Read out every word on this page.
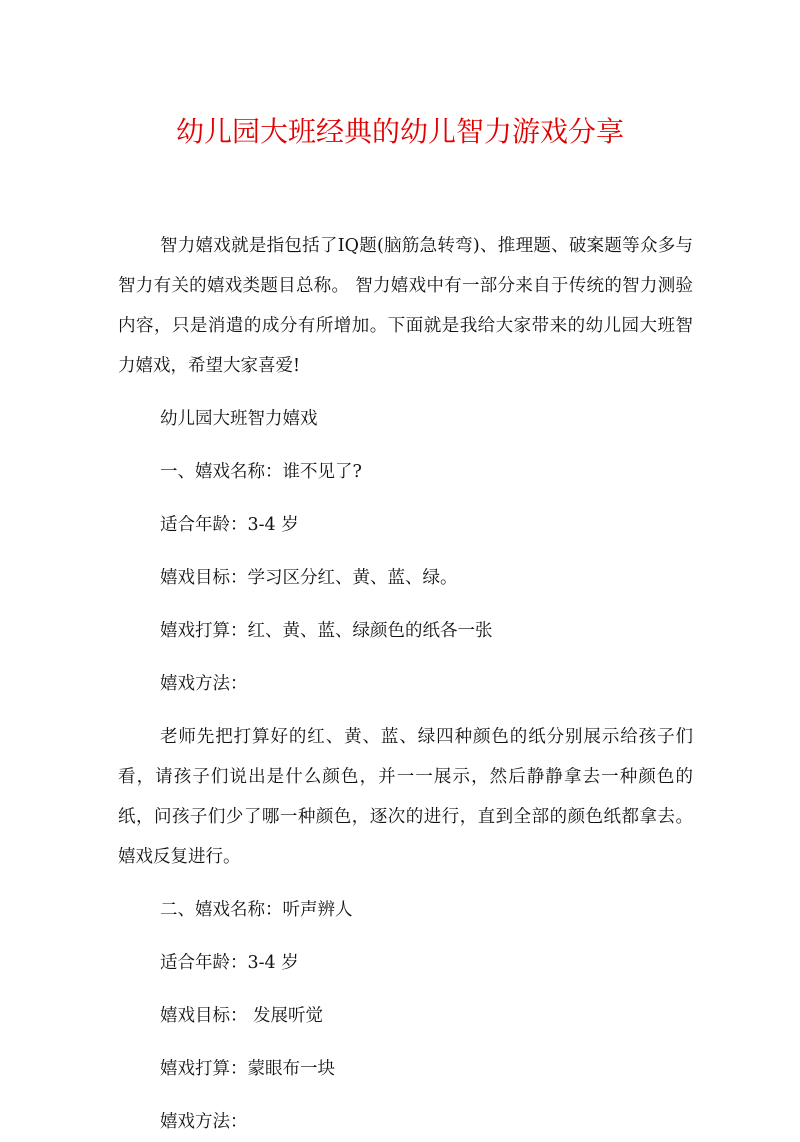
幼儿园大班经典的幼儿智力游戏分享

智力嬉戏就是指包括了IQ题(脑筋急转弯)、推理题、破案题等众多与智力有关的嬉戏类题目总称。 智力嬉戏中有一部分来自于传统的智力测验内容，只是消遣的成分有所增加。下面就是我给大家带来的幼儿园大班智力嬉戏，希望大家喜爱!

幼儿园大班智力嬉戏

一、嬉戏名称：谁不见了?

适合年龄：3-4 岁

嬉戏目标：学习区分红、黄、蓝、绿。

嬉戏打算：红、黄、蓝、绿颜色的纸各一张

嬉戏方法：

老师先把打算好的红、黄、蓝、绿四种颜色的纸分别展示给孩子们看，请孩子们说出是什么颜色，并一一展示，然后静静拿去一种颜色的纸，问孩子们少了哪一种颜色，逐次的进行，直到全部的颜色纸都拿去。嬉戏反复进行。

二、嬉戏名称：听声辨人

适合年龄：3-4 岁

嬉戏目标： 发展听觉

嬉戏打算：蒙眼布一块

嬉戏方法：
